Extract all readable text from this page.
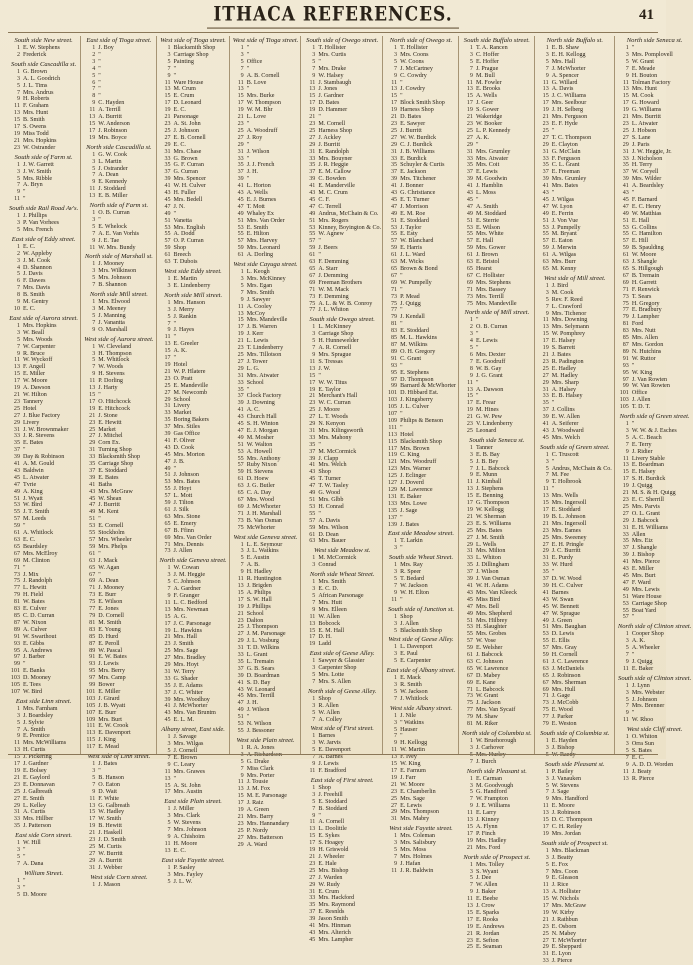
ITHACA REFERENCES.	41
South side New street.
1 E. W. Stephens
2 Frederick
South side Cascadilla st.
1 G. Brown
3 A. L. Goodrich
5 J. L. Tims
7 Mrs. Andrus
9 H. Roberts
11 F. Graham
13 Mrs. Hunt
15 B. Smith
17 S. Owens
19 Miss Todd
21 Mrs. Hopkins
23 W. Ostrander
South side of Farm st.
1 J. W. Garrett
3 J. W. Smith
5 Mrs. Ribble
7 A. Bryn
9 "
11 "
South side Rail Road Av's.
1 J. Phillips
3 P. Van Vorhees
5 Mrs. French
East side of Eddy street.
1 E. C.
2 W. Appleby
3 J. M. Cook
4 D. Shannon
5 J. Davis
6 F. Dawes
7 Mrs. Davis
8 B. Smith
9 M. Gentry
10 E. C.
East side of Aurora street.
1 Mrs. Hopkins
3 W. Beall
5 Mrs. Woods
7 W. Carpenter
9 R. Bruce
11 W. Wyckoff
13 F. Angell
15 E. Miller
17 W. Moore
19 A. Dawson
21 W. Hilton
23 Tannery
25 Hotel
27 J. Blue Factory
29 Livery
31 J. W. Brownmaker
33 J. R. Stevens
35 E. Bates
37 "
39 Day & Robinson
41 A. M. Gould
43 Baldwin
45 L. Atwater
47 Tvrie
49 A. King
51 J. Wyatt
53 W. Bird
55 J. T. Smith
57 M. Leeds
59 "
61 A. Whitlock
63 E. C.
65 Beardsley
67 Mrs. McElroy
69 M. Clinton
71 "
73 J. Mix
75 J. Randolph
77 L. Hewitt
79 H. Field
81 W. Bates
83 E. Culver
85 C. D. Curran
87 W. Nixon
89 A. Culver
91 W. Swarthout
93 E. Gibbs
95 A. Andrews
97 J. Barber
99 "
101 E. Banks
103 D. Mooney
105 E. Tees
107 W. Bird
East side Linn street.
1 Mrs. Farnham
3 J. Boardsley
5 J. Sylvie
7 A. Smith
9 E. Prentice
11 Mrs. McWilliams
13 H. Curtis
15 J. Pickering
17 J. Gardner
19 E. Bolsey
21 E. Gaylord
23 E. Donnavan
25 J. Galbreath
27 E. Smith
29 L. Kelley
31 A. Curtis
33 Mrs. Hillber
35 J. Patterson
East side Corn street.
1 W. Hill
3 "
5 "
7 A. Dana
William Street.
1 "
3 "
5 D. Moore
East side of Tioga street.
1 J. Boy
2 "
3 "
4 "
5 "
6 "
7 "
8 "
9 C. Hayden
11 A. Terrill
13 A. Burritt
15 W. Anderson
17 J. Robinson
19 Mrs. Boyce
North side Cascadilla st.
1 G. W. Cook
3 L. Martin
5 J. Ostrander
7 A. Dean
9 E. Kennedy
11 J. Stoddard
13 E. B. Miller
North side of Farm st.
1 O. B. Curran
3 "
5 E. Whelock
7 A. E. Van Vorhis
9 J. E. Tae
11 W. Mrs. Bundy
North side of Marshall st.
1 J. Mooney
3 Mrs. Wilkinson
5 Mrs. Johnson
7 B. Shannon
North side Mill street.
1 Mrs. Elwood
3 M. Meeney
5 J. Manning
7 J. Vanantta
9 O. Marshall
West side of Aurora street.
1 W. Cleveland
3 H. Thompson
5 M. Whitlock
7 W. Woods
9 H. Stevens
11 P. Dorling
13 J. Harty
15 "
17 O. Hitchcock
19 E. Hitchcock
21 J. Stone
23 E. Hewitt
25 Market
27 J. Mitchel
29 Corn Ex.
31 Turning Shop
33 Blacksmith Shop
35 Carriage Shop
37 E. Stoddard
39 E. Bates
41 Baths
43 Mrs. McGraw
45 W. Shean
47 J. Burritt
49 M. Kent
51 "
53 E. Cornell
55 Stockholm
57 Mrs. Wheeler
59 Mrs. Phelps
61 "
63 J. Mack
65 W. Agan
67 "
69 A. Dean
71 J. Mooney
73 E. Burr
75 E. Wilson
77 E. Jones
79 D. Cornell
81 M. Smith
83 E. Young
85 D. Hurd
87 E. Peroll
89 W. Pascal
91 E. W. Bates
93 J. Lewis
95 Mrs. Berry
97 Mrs. Camp
99 Bower
101 E. Miller
103 J. Girard
105 J. B. Wyatt
107 E. Burr
109 Mrs. Burt
111 E. W. Crook
113 E. Davenport
115 J. King
117 E. Mead
West side of Linn street.
1 J. Bates
3 "
5 B. Hanson
7 O. Eaton
9 D. Wait
11 F. White
13 G. Galbreath
15 W. Hadley
17 W. Smith
19 B. Hewitt
21 J. Haskell
23 J. D. Smith
25 M. Curtis
27 W. Burritt
29 A. Burritt
31 J. Webber
West side Corn street.
1 J. Mason
West side of Tioga street.
1 Blacksmith Shop
3 Carriage Shop
5 Painting
7 "
9 "
11 Ware House
13 M. Crum
15 E. Crum
17 D. Leonard
19 E. C.
21 Parsonage
23 A. St. John
25 J. Johnson
27 E. B. Cornell
29 E. C.
31 Mrs. Chase
33 G. Brown
35 G. F. Curran
37 G. Curran
39 Mrs. Spencer
41 W. H. Culver
43 H. Fuller
45 Mrs. Bedell
47 J. N.
49 "
51 Vanetta
53 Mrs. English
55 A. Dodd
57 O. P. Curran
59 Shop
61 Breech
63 T. Dubois
West side Eddy street.
1 E. Martin
3 E. Lindenberry
North side Mill street.
1 Mrs. Hanson
3 J. Merry
5 J. Rankin
7 "
9 J. Hayes
11 "
13 E. Greeler
15 A. K.
17 "
19 Hotel
21 W. P. Hlatere
23 O. Pratt
25 E. Mandeville
27 M. Newcomb
29 School
31 Livery
33 Market
35 Boring Bakers
37 Mrs. Stiles
39 Gas Office
41 F. Oliver
43 D. Cook
45 Mrs. Morton
47 J. B.
49 "
51 J. Johnson
53 Mrs. Bates
55 J. Hoyt
57 L. Mott
59 J. Tilton
61 J. Silk
63 Mrs. Stone
65 E. Emery
67 B. Ffinn
69 Mrs. Van Order
71 Mrs. Dennis
73 J. Allen
North side Geneva street.
1 W. Cowan
3 J. M. Heggie
5 C. Johnson
7 A. Gardner
9 F. Granger
11 L. C. Bedford
13 Mrs. Newman
15 A. G.
17 J. C. Parsonage
19 L. Hawkins
21 Mrs. Hall
23 J. Smith
25 Mrs. Sage
27 Mrs. Bradley
29 Mrs. Hoyt
31 W. Terry
33 G. Shader
35 J. E. Adams
37 J. C. Whiter
39 Mrs. Woodhoy
41 J. McWhorter
43 Mrs. Van Bruntm
45 E. L. M.
Albany street, East side.
1 J. Savage
3 Mrs. Wilgas
5 J. Cornell
7 E. Brown
9 C. Leary
11 Mrs. Grawes
13 "
15 A. St. John
17 Mrs. Austin
East side Plain street.
1 J. Miller
3 Mrs. Clark
5 W. Stevens
7 Mrs. Johnson
9 A. Chishoim
11 H. Moore
13 E. C.
East side Fayette street.
1 P. Sasley
3 Mrs. Fayley
5 J. L. W.
West side of Tioga street.
1 "
3 "
5 Office
7 "
9 A. B. Cornell
11 B. Love
13 "
15 Mrs. Burke
17 W. Thompson
19 W. M. Bhr
21 L. Love
23 "
25 A. Woodruff
27 J. Roy
29 "
31 J. Wilson
33 "
35 J. J. French
37 J. H.
39 "
41 L. Horton
43 A. Wells
45 E. J. Burnes
47 T. Mott
49 Whaley Ex
51 Mrs. Van Order
53 E. Smith
55 E. Hilton
57 Mrs. Harvey
59 Mrs. Leonard
61 A. Dorling
West side Cayuga street.
1 L. Keogh
3 Mrs. McKinney
5 Mrs. Egan
7 Mrs. Smith
9 J. Sawyer
11 A. Cooley
13 McCoy
15 Mrs. Mandeville
17 J. B. Warren
19 J. Kerr
21 L. Lewis
23 T. Lindenberry
25 Mrs. Tillotson
27 J. Tower
29 L. G.
31 Mrs. Atwater
33 School
35 "
37 Clock Factory
39 J. Downing
41 A. C.
43 Church Hall
45 S. H. Winton
47 E. J. Morgan
49 M. Mosher
51 W. Walton
53 A. Howell
55 Mrs. Anthony
57 Ruby Nixon
59 H. Stevens
61 D. Hoew
63 J. G. Butler
65 C. A. Day
67 Mrs. Wood
69 J. McWhorter
71 J. H. Marshall
73 B. Van Osman
75 McWhorter
West side Geneva street.
1 L. E. Seymour
3 J. L. Watkins
5 E. Austin
7 A. B.
9 H. Hadley
11 R. Huntington
13 J. Brigden
15 A. Philips
17 S. W. Hall
19 J. Phillips
21 School
23 Dalton
25 J. Thompson
27 J. M. Parsonage
29 J. L. Vosburg
31 T. D. Wilkins
33 L. Grant
35 L. Tremain
37 G. B. Sears
39 D. Boardman
41 S. D. Bay
43 W. Leonard
45 Mrs. Terrill
47 J. H.
49 J. Wilson
51 "
53 N. Wilson
55 J. Bessoner
West side Plain street.
1 R. A. Jones
3 A. Richardson
5 G. Drake
7 Miss Clark
9 Mrs. Porter
11 J. Tousie
13 J. M. Fox
15 M. E. Parsonage
17 J. Raiz
19 A. Green
21 Mrs. Barry
23 Mrs. Hannandary
25 P. Nordy
27 Mrs. Batterson
29 A. Ward
South side of Owego street.
1 T. Hollister
3 Mrs. Curtis
5 "
7 Mrs. Drake
9 W. Halsey
11 J. Stambaugh
13 J. Jones
15 J. Gardner
17 D. Bates
19 D. Hammer
21 "
23 M. Cornell
25 Harness Shop
27 J. Ackley
29 J. Burritt
31 E. Randolph
33 Mrs. Bouyner
35 J. R. Heggie
37 E. M. Callow
39 C. Bowden
41 E. Manderville
43 M. C. Crum
45 C. F.
47 C. Terrell
49 Andrus, McChain & Co.
51 Mrs. Rogers
53 Kinney, Boyington & Co.
55 W. Agnew
57 "
59 J. Beers
61 "
63 F. Demming
65 A. Starr
67 J. Demming
69 Freeman Brothers
71 W. M. Mack
73 F. Demming
75 A. L. & W. B. Conroy
77 J. L. Whiton
South side Owego street.
1 L. McKinney
3 Carriage Shop
5 H. Hunnewelder
7 A. R. Cornell
9 Mrs. Sprague
11 S. Tressas
13 J. W.
15 "
17 W. W. Titus
19 E. Taylor
21 Merchant's Hall
23 W. C. Curran
25 J. Moore
27 L. T. Woods
29 N. Kenyon
31 Mrs. Kilingsworth
33 Mrs. Mahony
35 "
37 M. McCormick
39 J. Clapp
41 Mrs. Welch
43 Shop
45 T. Turner
47 T. W. Tasley
49 G. Wood
51 Mrs. Glbb
53 H. Conrad
55 "
57 A. Davis
59 Mrs. Wilson
61 D. Dean
63 Mrs. Bauer
West side Meadow st.
1 M. McCormick
3 Conrad
North side Wheat Street.
1 Mrs. Smith
3 E. C. D.
5 African Parsonage
7 Mrs. Hutt
9 Mrs. Elleen
11 W. Allen
13 Bobcock
15 E. M. Hall
17 D. H.
19 Ladd
East side of Geese Alley.
1 Sawyer & Glassier
3 Carpenter Shop
5 Mrs. Lotte
7 Mrs. S. Allen
North side of Geese Alley.
1 Shop
3 R. Allen
5 W. Allen
7 A. Colley
West side of First street.
1 Barnes
3 W. Jarvis
5 E. Davenport
7 A. Barnes
9 J. Lewis
11 F. Bradford
East side of First street.
1 Shop
3 J. Freehill
5 E. Stoddard
7 B. Stoddard
9 "
11 A. Cornell
13 L. Doolittle
15 E. Sykes
17 S. Hoagey
19 H. Griswold
21 J. Wheeler
23 E. Hale
25 Mrs. Bishop
27 J. Warden
29 W. Rudy
31 E. Crum
33 Mrs. Hackford
35 Mrs. Raymond
37 E. Resnlds
39 Jason Smith
41 Mrs. Hinman
43 Mrs. Alterich
45 Mrs. Lampher
North side of Owego st.
1 T. Hollister
3 Mrs. Coons
5 W. Coons
7 J. McCartney
9 C. Cowdry
11 "
13 J. Cowdry
15 "
17 Block Smith Shop
19 Harness Shop
21 D. Bates
23 E. Sawyer
25 J. Burritt
27 W. W. Burdick
29 C. J. Burdick
31 J. B. Williams
33 E. Burdick
35 Schuyler & Curtis
37 E. Jackson
39 Mrs. Titchener
41 J. Bonner
43 G. Christiance
45 E. T. Turner
47 J. Morrison
49 E. M. Roe
51 E. Stoddard
53 J. Taylor
55 E. Esty
57 W. Blanchard
59 E. Harris
61 J. L. Ward
63 M. Wicks
65 Brown & Bond
67 "
69 W. Pumpelly
71 "
73 P. Mead
75 J. Quigg
77 "
79 J. Kendall
81 "
83 E. Stoddard
85 M. L. Hawkins
87 M. Wilkins
89 O. H. Gregory
91 C. Grant
93 "
95 E. Stephens
97 D. Thompson
99 Barnard & McWhorter
101 D. Hibbard Est.
103 J. Kingsberry
105 J. L. Culver
107 "
109 Philips & Benson
111 "
113 Hotel
115 Blacksmith Shop
117 Mrs. Brown
119 C. King
121 Mrs. Woodruff
123 Mrs. Warner
125 J. Eclinger
127 J. Doverd
129 M. Lawrence
131 E. Baker
133 Mrs. Lowe
135 J. Sage
137 "
139 J. Bates
East side Meadow street.
1 T. Larkin
3 "
South side Wheat Street.
1 Mrs. Ray
3 R. Speer
5 T. Bedard
7 W. Jackson
9 W. H. Elton
11 "
South side of Junction st.
1 Shop
3 J. Allen
5 Blacksmith Shop
West side of Geese Alley.
1 L. Davenport
3 E. Paul
5 E. Carpenter
East side of Albany street.
1 E. Mack
3 R. Smith
5 W. Jackson
7 J. Whitlock
West side Albany street.
1 J. Nile
3 " Watkins
5 Hauser
7 "
9 H. Kellogg
11 W. Martin
13 F. Ivey
15 W. King
17 E. Farnum
19 J. Farr
21 W. Moore
23 E. Chamberlin
25 Mrs. Sage
27 E. Lewis
29 Mrs. Thompson
31 Mrs. Mabry
West side Fayette street.
1 Mrs. Coleman
3 Mrs. Salisbury
5 Mrs. Moss
7 Mrs. Holmes
9 J. Hafan
11 J. R. Baldwin
South side Buffalo street.
1 T. A. Rancen
3 C. Hoffer
5 E. Hoffer
7 J. Prague
9 M. Bull
11 M. Fowler
13 E. Brooks
15 A. Wells
17 J. Geer
19 S. Gower
21 Wakeridge
23 W. Booker
25 L. P. Kennedy
27 A. K.
29 "
31 Mrs. Grumley
33 Mrs. Atwater
35 Mrs. Coit
37 E. Lewis
39 M. Goodwin
41 J. Hamblin
43 L. Moss
45 "
47 A. Smith
49 M. Stoddard
51 E. Sterrie
53 E. Wilson
55 Mrs. White
57 E. Hall
59 Mrs. Gower
61 J. Brown
63 E. Bristol
65 Hearst
67 C. Hollister
69 Mrs. Stephens
71 Mrs. Bassey
73 Mrs. Terrill
75 Mrs. Mandeville
North side of Mill street.
1 "
2 O. B. Curran
3 "
4 E. Lewis
5 "
6 Mrs. Dexter
7 E. Goodruff
8 W. B. Gay
9 J. G. Grant
11 "
13 A. Dawson
15 "
17 E. Frear
19 M. Hines
21 G. W. Pew
23 V. Lindenberry
25 Leonard
South side Seneca st.
1 Tanner
3 E. B. Bay
5 J. B. Bey
7 J. L. Babcock
9 E. Munn
11 J. Kimball
13 J. Stephens
15 E. Benning
17 G. Thompson
19 W. Kellogg
21 W. Sherman
23 E. S. Williams
25 Mrs. Bates
27 J. M. Smith
29 L. Wells
31 Mrs. Milton
33 L. Whiton
35 J. Dillingham
37 J. Wilson
39 J. Van Osman
41 W. H. Adams
43 Mrs. Van Kleeck
45 Miss Bird
47 Mrs. Bell
49 Mrs. Shepherd
51 Mrs. Hilbrey
53 H. Slaughter
55 Mrs. Grobes
57 W. Vose
59 E. Welsher
61 J. Babcock
63 C. Johnson
65 W. Lawrence
67 D. Mabey
69 E. Kane
71 L. Babcock
73 W. Grant
75 J. Jackson
77 Mrs. Van Sycaif
79 M. Shaw
81 M. Riker
North side of Columbia st.
1 W. Bruehorough
3 J. Carhover
5 Mrs. Hurley
7 J. Burch
North side Pleasant st.
1 E. Carman
3 M. Goodvough
5 G. Handford
7 W. Frampton
9 J. E. Williams
11 E. Larry
13 J. Kinney
15 A. Flynn
17 P. Finch
19 Mrs. Hadley
21 Mrs. Ford
North side of Prospect st.
1 Mrs. Tolley
3 S. Wyant
5 J. Dee
7 W. Allen
9 J. Baker
11 E. Beebe
13 J. Crow
15 E. Sparks
17 E. Rooks
19 E. Andrews
21 R. Jordan
23 E. Sefton
25 E. Seaman
North side Buffalo st.
1 E. B. Shaw
3 E. H. Kellogg
5 Mrs. Hall
7 J. McWhorter
9 A. Spencer
11 G. Willard
13 A. Davis
15 J. C. Williams
17 Mrs. Seelbour
19 J. H. Selberg
21 Mrs. Ferguson
23 E. F. Hyde
25 "
27 T. C. Thompson
29 E. Clayton
31 G. McClain
33 F. Ferguson
35 C. L. Grant
37 E. Freeman
39 Mrs. Grumley
41 Mrs. Bates
43 "
45 J. Wilgas
47 W. Lyon
49 E. Ferrin
51 J. Von Vue
53 J. Pumpelly
55 M. Bryant
57 E. Eaton
59 J. Merwin
61 A. Wilgas
63 Mrs. Burr
65 M. Kenny
West side of Mill street.
1 J. Bird
3 M. Cook
5 Rev. F. Reed
7 L. Crawford
9 Mrs. Tichenor
11 Mrs. Downing
13 Mrs. Selymann
15 W. Pomphrey
17 E. Halsey
19 S. Barrett
21 J. Bates
23 R. Padington
25 E. Hadley
27 M. Hadley
29 Mrs. Sharp
31 A. Halsey
33 E. B. Halsey
35 "
37 J. Collins
39 E. W. Allen
41 A. Seiferer
43 J. Woodward
45 Mrs. Welch
South side of Green street.
1 C. Truscott
3 "
5 Andrus, McChain & Co.
7 M. Fee
9 T. Holbrook
11 "
13 Mrs. Wells
15 Mrs. Ingersoll
17 E. Stoddard
19 B. L. Johnson
21 Mrs. Ingersoll
23 Mrs. Eames
25 Mrs. Sweeney
27 E. H. Pringle
29 J. C. Burritt
31 E. Purdy
33 W. Hurd
35 "
37 D. W. Wood
39 H. C. Culver
41 Barnes
43 W. Swan
45 W. Bennett
47 W. Sprague
49 J. Green
51 Mrs. Baughan
53 D. Lewis
55 E. Ellis
57 Mrs. Gray
59 H. Cornell
61 J. C. Lawrence
63 J. McDaniels
65 J. Robinson
67 Mrs. Sherman
69 Mrs. Hull
71 J. Gage
73 J. McCobb
75 E. Wood
77 J. Parker
79 E. Weston
South side of Columbia st.
1 E. Hayden
3 J. Bishop
5 W. Raedy
South side Pleasant st.
1 P. Bailey
3 J. Vanauken
5 W. Stevens
7 J. Sage
9 Mrs. Handford
11 E. Moore
13 J. Robinson
15 D. C. Thompson
17 C. H. Reiley
19 Mrs. Jordan
South side of Prospect st.
1 Mrs. Blackman
3 J. Beatty
5 E. Fox
7 Mrs. Coon
9 E. Gleason
11 J. Rice
13 A. Hollister
15 W. Nichols
17 Mrs. McGraw
19 W. Kirby
21 J. Rathbun
23 E. Osborn
25 N. Mabey
27 T. McWhorter
29 E. Sheppard
31 E. Lyon
33 J. Pierce
North side Seneca st.
1 "
3 Mrs. Pomplovell
5 W. Grant
7 E. Meade
9 H. Bouton
11 Tolman Factory
13 Mrs. Hunt
15 M. Cook
17 G. Howard
19 G. Williams
21 Mrs. Burritt
23 L. Atwater
25 J. Hobson
27 S. Lane
29 J. Paris
31 J. W. Heggie, Jr.
33 J. Nicholson
35 H. Terry
37 W. Coryell
39 Mrs. Wilder
41 A. Beardsley
43 "
45 F. Barnard
47 E. C. Henry
49 W. Matthias
51 E. Hall
53 G. Collins
55 C. Hamilton
57 E. Hill
59 B. Spaulding
61 W. Moore
63 J. Shangle
65 S. Hillgough
67 B. Tremain
69 H. Garrett
71 F. Renwick
73 T. Sears
75 H. Gregory
77 E. Bradbury
79 J. Lampher
81 Ford
83 Mrs. Nutt
85 Mrs. Allen
87 Mrs. Gordon
89 N. Hutchins
91 W. Ruttor
93 "
95 W. King
97 J. Van Rowten
99 W. Van Rowten
101 Office
103 J. Allen
105 T. D. T.
North side of Green street.
1 "
3 W. W. & J. Esches
5 A. C. Beach
7 E. Terry
9 J. Ridier
11 Livery Stable
13 E. Boardman
15 E. Halsey
17 S. H. Burdick
19 J. Quigg
21 M. S. & H. Quigg
23 E. C. Sherrill
25 Mrs. Parvis
27 O. L. Grant
29 J. Babcock
31 E. H. Williams
33 Allen
35 Mrs. Eiz
37 J. Shangle
39 J. Bishop
41 Mrs. Pierce
43 E. Miller
45 Mrs. Burt
47 F. Ward
49 Mrs. Lewis
51 Ware House
53 Carriage Shop
55 Boat Yard
57 "
North side of Clinton street.
1 Cooper Shop
3 A. K.
5 A. Wheeler
7 "
9 J. Quigg
11 E. Baker
South side of Clinton street.
1 J. Lynn
3 Mrs. Webster
5 J. Johnson
7 Mrs. Brenner
9 "
11 W. Rhoo
West side Cliff street.
1 O. Whiton
3 Orra Sun
5 S. Bates
7 E. C.
9 A. D. D. Worden
11 J. Beaty
13 R. Pierce
